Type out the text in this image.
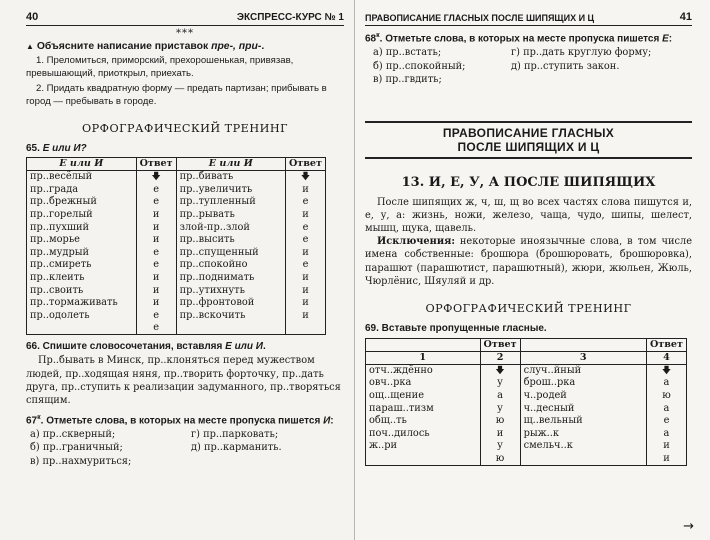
40	ЭКСПРЕСС-КУРС № 1
***
▲ Объясните написание приставок пре-, при-.

1. Преломиться, приморский, прехорошенькая, привязав, превышающий, приоткрыл, приехать.

2. Придать квадратную форму — предать партизан; прибывать в город — пребывать в городе.

ОРФОГРАФИЧЕСКИЙ ТРЕНИНГ
65. Е или И?
Е или И	Ответ	Е или И	Ответ
пр..весёлый	🡇	пр..бивать	🡇
пр..града	е	пр..увеличить	и
пр..брежный	е	пр..тупленный	е
пр..горелый	и	пр..рывать	и
пр..пухший	и	злой-пр..злой	е
пр..морье	и	пр..высить	е
пр..мудрый	е	пр..спущенный	и
пр..смиреть	е	пр..спокойно	е
пр..клеить	и	пр..поднимать	и
пр..своить	и	пр..утихнуть	и
пр..тормаживать	и	пр..фронтовой	и
пр..одолеть	е	пр..вскочить	и
	е		
66. Спишите словосочетания, вставляя Е или И.

Пр..бывать в Минск, пр..клоняться перед мужеством людей, пр..ходящая няня, пр..творить форточку, пр..дать друга, пр..ступить к реализации задуманного, пр..творяться спящим.

$67^к$. Отметьте слова, в которых на месте пропуска пишется И:
а) пр..скверный;	г) пр..парковать;
б) пр..граничный;	д) пр..карманить.
в) пр..нахмуриться;
ПРАВОПИСАНИЕ ГЛАСНЫХ ПОСЛЕ ШИПЯЩИХ И Ц	41
$68^к$. Отметьте слова, в которых на месте пропуска пишется Е:
а) пр..встать;	г) пр..дать круглую форму;
б) пр..спокойный;	д) пр..ступить закон.
в) пр..гвдить;
ПРАВОПИСАНИЕ ГЛАСНЫХ
ПОСЛЕ ШИПЯЩИХ И Ц
13. И, Е, У, А ПОСЛЕ ШИПЯЩИХ

После шипящих ж, ч, ш, щ во всех частях слова пишутся и, е, у, а: жизнь, ножи, железо, чаща, чудо, шипы, шелест, мышц, щука, щавель.

Исключения: некоторые иноязычные слова, в том числе имена собственные: брошюра (брошюровать, брошюровка), парашют (парашютист, парашютный), жюри, жюльен, Жюль, Чюрлёнис, Шяуляй и др.

ОРФОГРАФИЧЕСКИЙ ТРЕНИНГ
69. Вставьте пропущенные гласные.
	Ответ		Ответ
1	2	3	4
отч..ждённо	🡇	случ..йный	🡇
овч..рка	у	брош..рка	а
ощ..щение	а	ч..родей	ю
параш..тизм	у	ч..десный	а
общ..ть	ю	щ..вельный	е
поч..дилось	и	рыж..к	а
ж..ри	у	смельч..к	и
	ю		и
→
